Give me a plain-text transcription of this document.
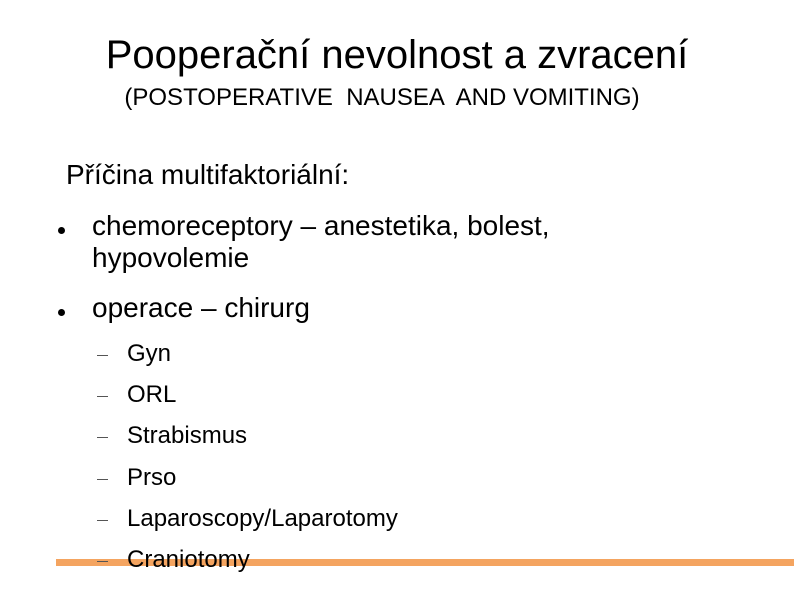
Pooperační nevolnost a zvracení
(POSTOPERATIVE  NAUSEA  AND VOMITING)
Příčina multifaktoriální:
chemoreceptory – anestetika, bolest, hypovolemie
operace – chirurg
Gyn
ORL
Strabismus
Prso
Laparoscopy/Laparotomy
Craniotomy
